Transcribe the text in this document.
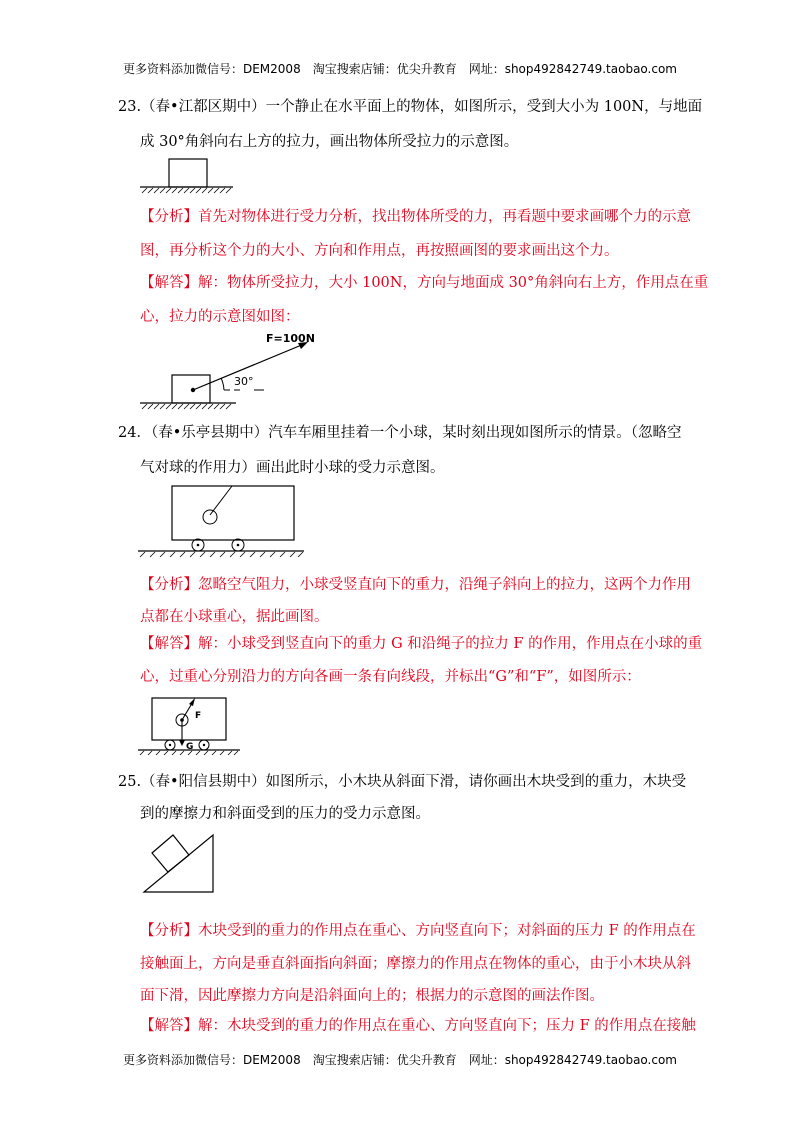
更多资料添加微信号：DEM2008　淘宝搜索店铺：优尖升教育　网址：shop492842749.taobao.com
23.（春•江都区期中）一个静止在水平面上的物体，如图所示，受到大小为 100N，与地面
成 30°角斜向右上方的拉力，画出物体所受拉力的示意图。
【分析】首先对物体进行受力分析，找出物体所受的力，再看题中要求画哪个力的示意
图，再分析这个力的大小、方向和作用点，再按照画图的要求画出这个力。
【解答】解：物体所受拉力，大小 100N，方向与地面成 30°角斜向右上方，作用点在重
心，拉力的示意图如图：
30°
F=100N
24．（春•乐亭县期中）汽车车厢里挂着一个小球，某时刻出现如图所示的情景。（忽略空
气对球的作用力）画出此时小球的受力示意图。
【分析】忽略空气阻力，小球受竖直向下的重力，沿绳子斜向上的拉力，这两个力作用
点都在小球重心，据此画图。
【解答】解：小球受到竖直向下的重力 G 和沿绳子的拉力 F 的作用，作用点在小球的重
心，过重心分别沿力的方向各画一条有向线段，并标出“G”和“F”，如图所示：
F
G
25.（春•阳信县期中）如图所示，小木块从斜面下滑，请你画出木块受到的重力，木块受
到的摩擦力和斜面受到的压力的受力示意图。
【分析】木块受到的重力的作用点在重心、方向竖直向下；对斜面的压力 F 的作用点在
接触面上，方向是垂直斜面指向斜面；摩擦力的作用点在物体的重心，由于小木块从斜
面下滑，因此摩擦力方向是沿斜面向上的；根据力的示意图的画法作图。
【解答】解：木块受到的重力的作用点在重心、方向竖直向下；压力 F 的作用点在接触
更多资料添加微信号：DEM2008　淘宝搜索店铺：优尖升教育　网址：shop492842749.taobao.com
